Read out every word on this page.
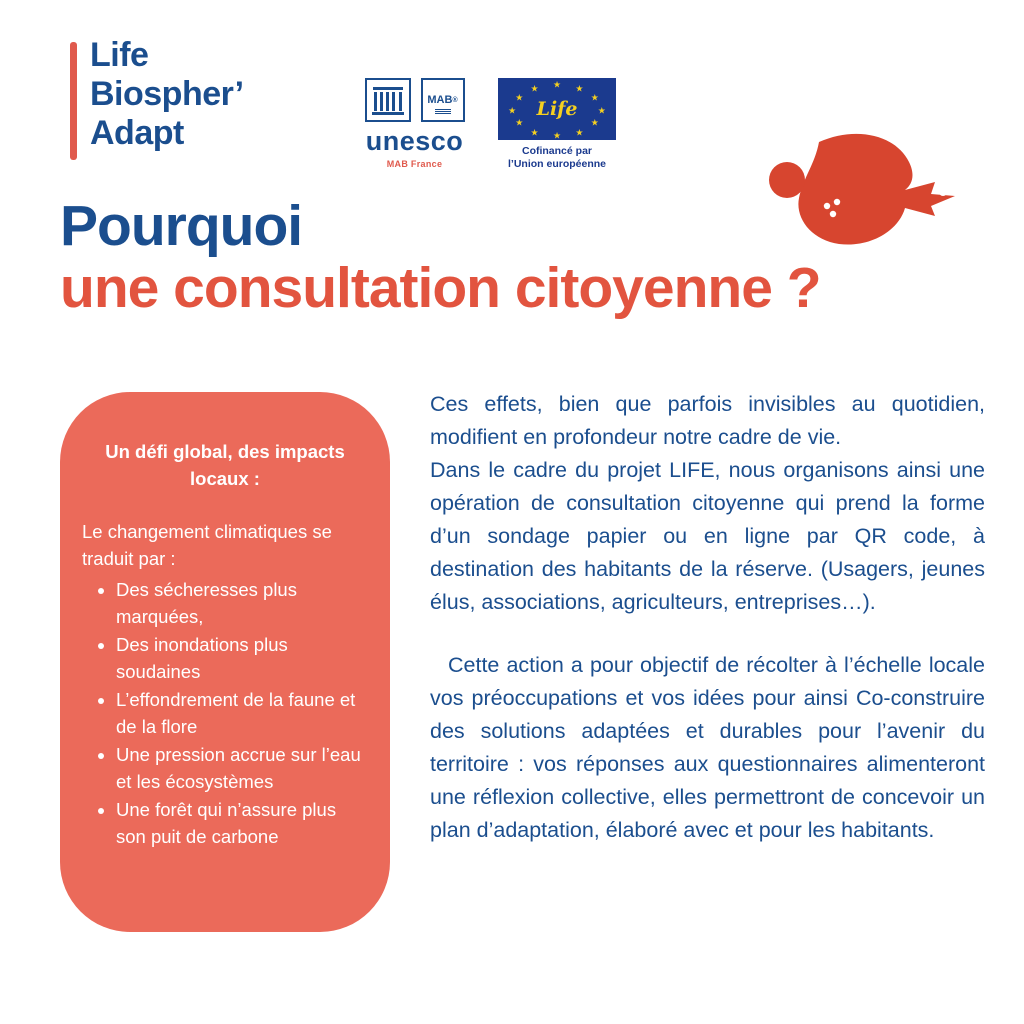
Life
Biospher’
Adapt
MAB ®
unesco
MAB France
★ ★
★
★
★
★
★
★
★
★
★
★
Life
Cofinancé par
l’Union européenne
Pourquoi
une consultation citoyenne ?
Un défi global, des impacts locaux :

Le changement climatiques se traduit par :

• Des sécheresses plus marquées,
• Des inondations plus soudaines
• L’effondrement de la faune et de la flore
• Une pression accrue sur l’eau et les écosystèmes
• Une forêt qui n’assure plus son puit de carbone

Ces effets, bien que parfois invisibles au quotidien, modifient en profondeur notre cadre de vie.

Dans le cadre du projet LIFE, nous organisons ainsi une opération de consultation citoyenne qui prend la forme d’un sondage papier ou en ligne par QR code, à destination des habitants de la réserve. (Usagers, jeunes élus, associations, agriculteurs, entreprises…).

Cette action a pour objectif de récolter à l’échelle locale vos préoccupations et vos idées pour ainsi Co-construire des solutions adaptées et durables pour l’avenir du territoire : vos réponses aux questionnaires alimenteront une réflexion collective, elles permettront de concevoir un plan d’adaptation, élaboré avec et pour les habitants.
